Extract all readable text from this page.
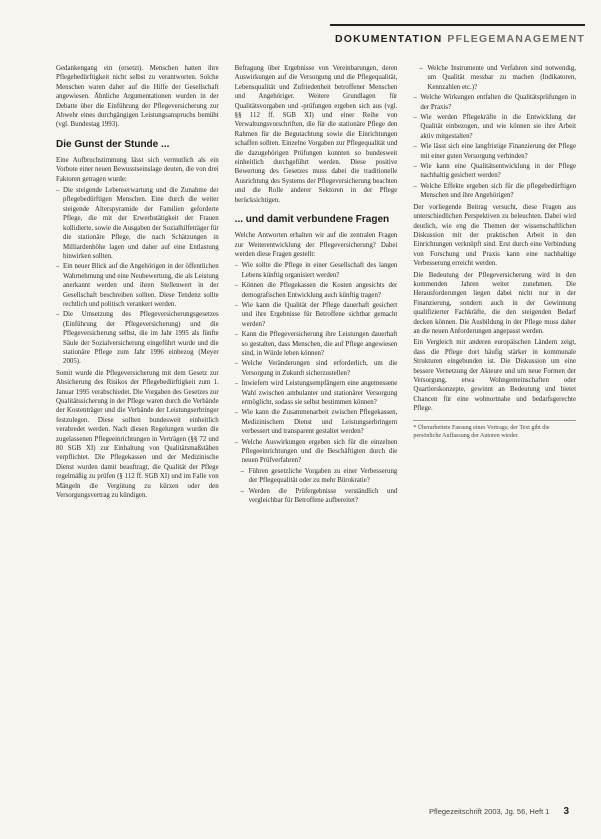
DOKUMENTATION PFLEGEMANAGEMENT

Gedankengang ein (ersetzt). Menschen hatten ihre Pflegebedürftigkeit nicht selbst zu verantworten. Solche Menschen waren daher auf die Hilfe der Gesellschaft angewiesen. Ähnliche Argumentationen wurden in der Debatte über die Einführung der Pflegeversicherung zur Abwehr eines durchgängigen Leistungsanspruchs bemüht (vgl. Bundestag 1993).

Die Gunst der Stunde ...

Eine Aufbruchstimmung lässt sich vermutlich als ein Vorbote einer neuen Bewusstseinslage deuten, die von drei Faktoren getragen wurde:

– Die steigende Lebenserwartung und die Zunahme der pflegebedürftigen Menschen. Eine durch die weiter steigende Alterspyramide der Familien geforderte Pflege, die mit der Erwerbstätigkeit der Frauen kollidierte, sowie die Ausgaben der Sozialhilfeträger für die stationäre Pflege, die nach Schätzungen in Milliardenhöhe lagen und daher auf eine Entlastung hinwirken sollten.
– Ein neuer Blick auf die Angehörigen in der öffentlichen Wahrnehmung und eine Neubewertung, die als Leistung anerkannt werden und ihren Stellenwert in der Gesellschaft beschreiben sollten. Diese Tendenz sollte rechtlich und politisch verankert werden.
– Die Umsetzung des Pflegeversicherungsgesetzes (Einführung der Pflegeversicherung) und die Pflegeversicherung selbst, die im Jahr 1995 als fünfte Säule der Sozialversicherung eingeführt wurde und die stationäre Pflege zum Jahr 1996 einbezog (Meyer 2005).

Somit wurde die Pflegeversicherung mit dem Gesetz zur Absicherung des Risikos der Pflegebedürftigkeit zum 1. Januar 1995 verabschiedet. Die Vorgaben des Gesetzes zur Qualitätssicherung in der Pflege waren durch die Verbände der Kostenträger und die Verbände der Leistungserbringer festzulegen. Diese sollten bundesweit einheitlich verabredet werden. Nach diesen Regelungen wurden die zugelassenen Pflegeeinrichtungen in Verträgen (§§ 72 und 80 SGB XI) zur Einhaltung von Qualitätsmaßstäben verpflichtet. Die Pflegekassen und der Medizinische Dienst wurden damit beauftragt, die Qualität der Pflege regelmäßig zu prüfen (§ 112 ff. SGB XI) und im Falle von Mängeln die Vergütung zu kürzen oder den Versorgungsvertrag zu kündigen.

Befragung über Ergebnisse von Vereinbarungen, deren Auswirkungen auf die Versorgung und die Pflegequalität, Lebensqualität und Zufriedenheit betroffener Menschen und Angehöriger. Weitere Grundlagen für Qualitätsvorgaben und -prüfungen ergeben sich aus (vgl. §§ 112 ff. SGB XI) und einer Reihe von Verwaltungsvorschriften, die für die stationäre Pflege den Rahmen für die Begutachtung sowie die Einrichtungen schaffen sollten. Einzelne Vorgaben zur Pflegequalität und die dazugehörigen Prüfungen konnten so bundesweit einheitlich durchgeführt werden. Diese positive Bewertung des Gesetzes muss dabei die traditionelle Ausrichtung des Systems der Pflegeversicherung beachten und die Rolle anderer Sektoren in der Pflege berücksichtigen.

... und damit verbundene Fragen

Welche Antworten erhalten wir auf die zentralen Fragen zur Weiterentwicklung der Pflegeversicherung? Dabei werden diese Fragen gestellt:

– Wie sollte die Pflege in einer Gesellschaft des langen Lebens künftig organisiert werden?
– Können die Pflegekassen die Kosten angesichts der demografischen Entwicklung auch künftig tragen?
– Wie kann die Qualität der Pflege dauerhaft gesichert und ihre Ergebnisse für Betroffene sichtbar gemacht werden?
– Kann die Pflegeversicherung ihre Leistungen dauerhaft so gestalten, dass Menschen, die auf Pflege angewiesen sind, in Würde leben können?
– Welche Veränderungen sind erforderlich, um die Versorgung in Zukunft sicherzustellen?
– Inwiefern wird Leistungsempfängern eine angemessene Wahl zwischen ambulanter und stationärer Versorgung ermöglicht, sodass sie selbst bestimmen können?
– Wie kann die Zusammenarbeit zwischen Pflegekassen, Medizinischem Dienst und Leistungserbringern verbessert und transparent gestaltet werden?
– Welche Auswirkungen ergeben sich für die einzelnen Pflegeeinrichtungen und die Beschäftigten durch die neuen Prüfverfahren?
– Führen gesetzliche Vorgaben zu einer Verbesserung der Pflegequalität oder zu mehr Bürokratie?
– Werden die Prüfergebnisse verständlich und vergleichbar für Betroffene aufbereitet?
– Welche Instrumente und Verfahren sind notwendig, um Qualität messbar zu machen (Indikatoren, Kennzahlen etc.)?
– Welche Wirkungen entfalten die Qualitätsprüfungen in der Praxis?
– Wie werden Pflegekräfte in die Entwicklung der Qualität einbezogen, und wie können sie ihre Arbeit aktiv mitgestalten?
– Wie lässt sich eine langfristige Finanzierung der Pflege mit einer guten Versorgung verbinden?
– Wie kann eine Qualitätsentwicklung in der Pflege nachhaltig gesichert werden?
– Welche Effekte ergeben sich für die pflegebedürftigen Menschen und ihre Angehörigen?

Der vorliegende Beitrag versucht, diese Fragen aus unterschiedlichen Perspektiven zu beleuchten. Dabei wird deutlich, wie eng die Themen der wissenschaftlichen Diskussion mit der praktischen Arbeit in den Einrichtungen verknüpft sind. Erst durch eine Verbindung von Forschung und Praxis kann eine nachhaltige Verbesserung erreicht werden.

Die Bedeutung der Pflegeversicherung wird in den kommenden Jahren weiter zunehmen. Die Herausforderungen liegen dabei nicht nur in der Finanzierung, sondern auch in der Gewinnung qualifizierter Fachkräfte, die den steigenden Bedarf decken können. Die Ausbildung in der Pflege muss daher an die neuen Anforderungen angepasst werden.

Ein Vergleich mit anderen europäischen Ländern zeigt, dass die Pflege dort häufig stärker in kommunale Strukturen eingebunden ist. Die Diskussion um eine bessere Vernetzung der Akteure und um neue Formen der Versorgung, etwa Wohngemeinschaften oder Quartierskonzepte, gewinnt an Bedeutung und bietet Chancen für eine wohnortnahe und bedarfsgerechte Pflege.

* Überarbeitete Fassung eines Vortrags; der Text gibt die persönliche Auffassung der Autoren wieder.
Pflegezeitschrift 2003, Jg. 56, Heft 1 3
